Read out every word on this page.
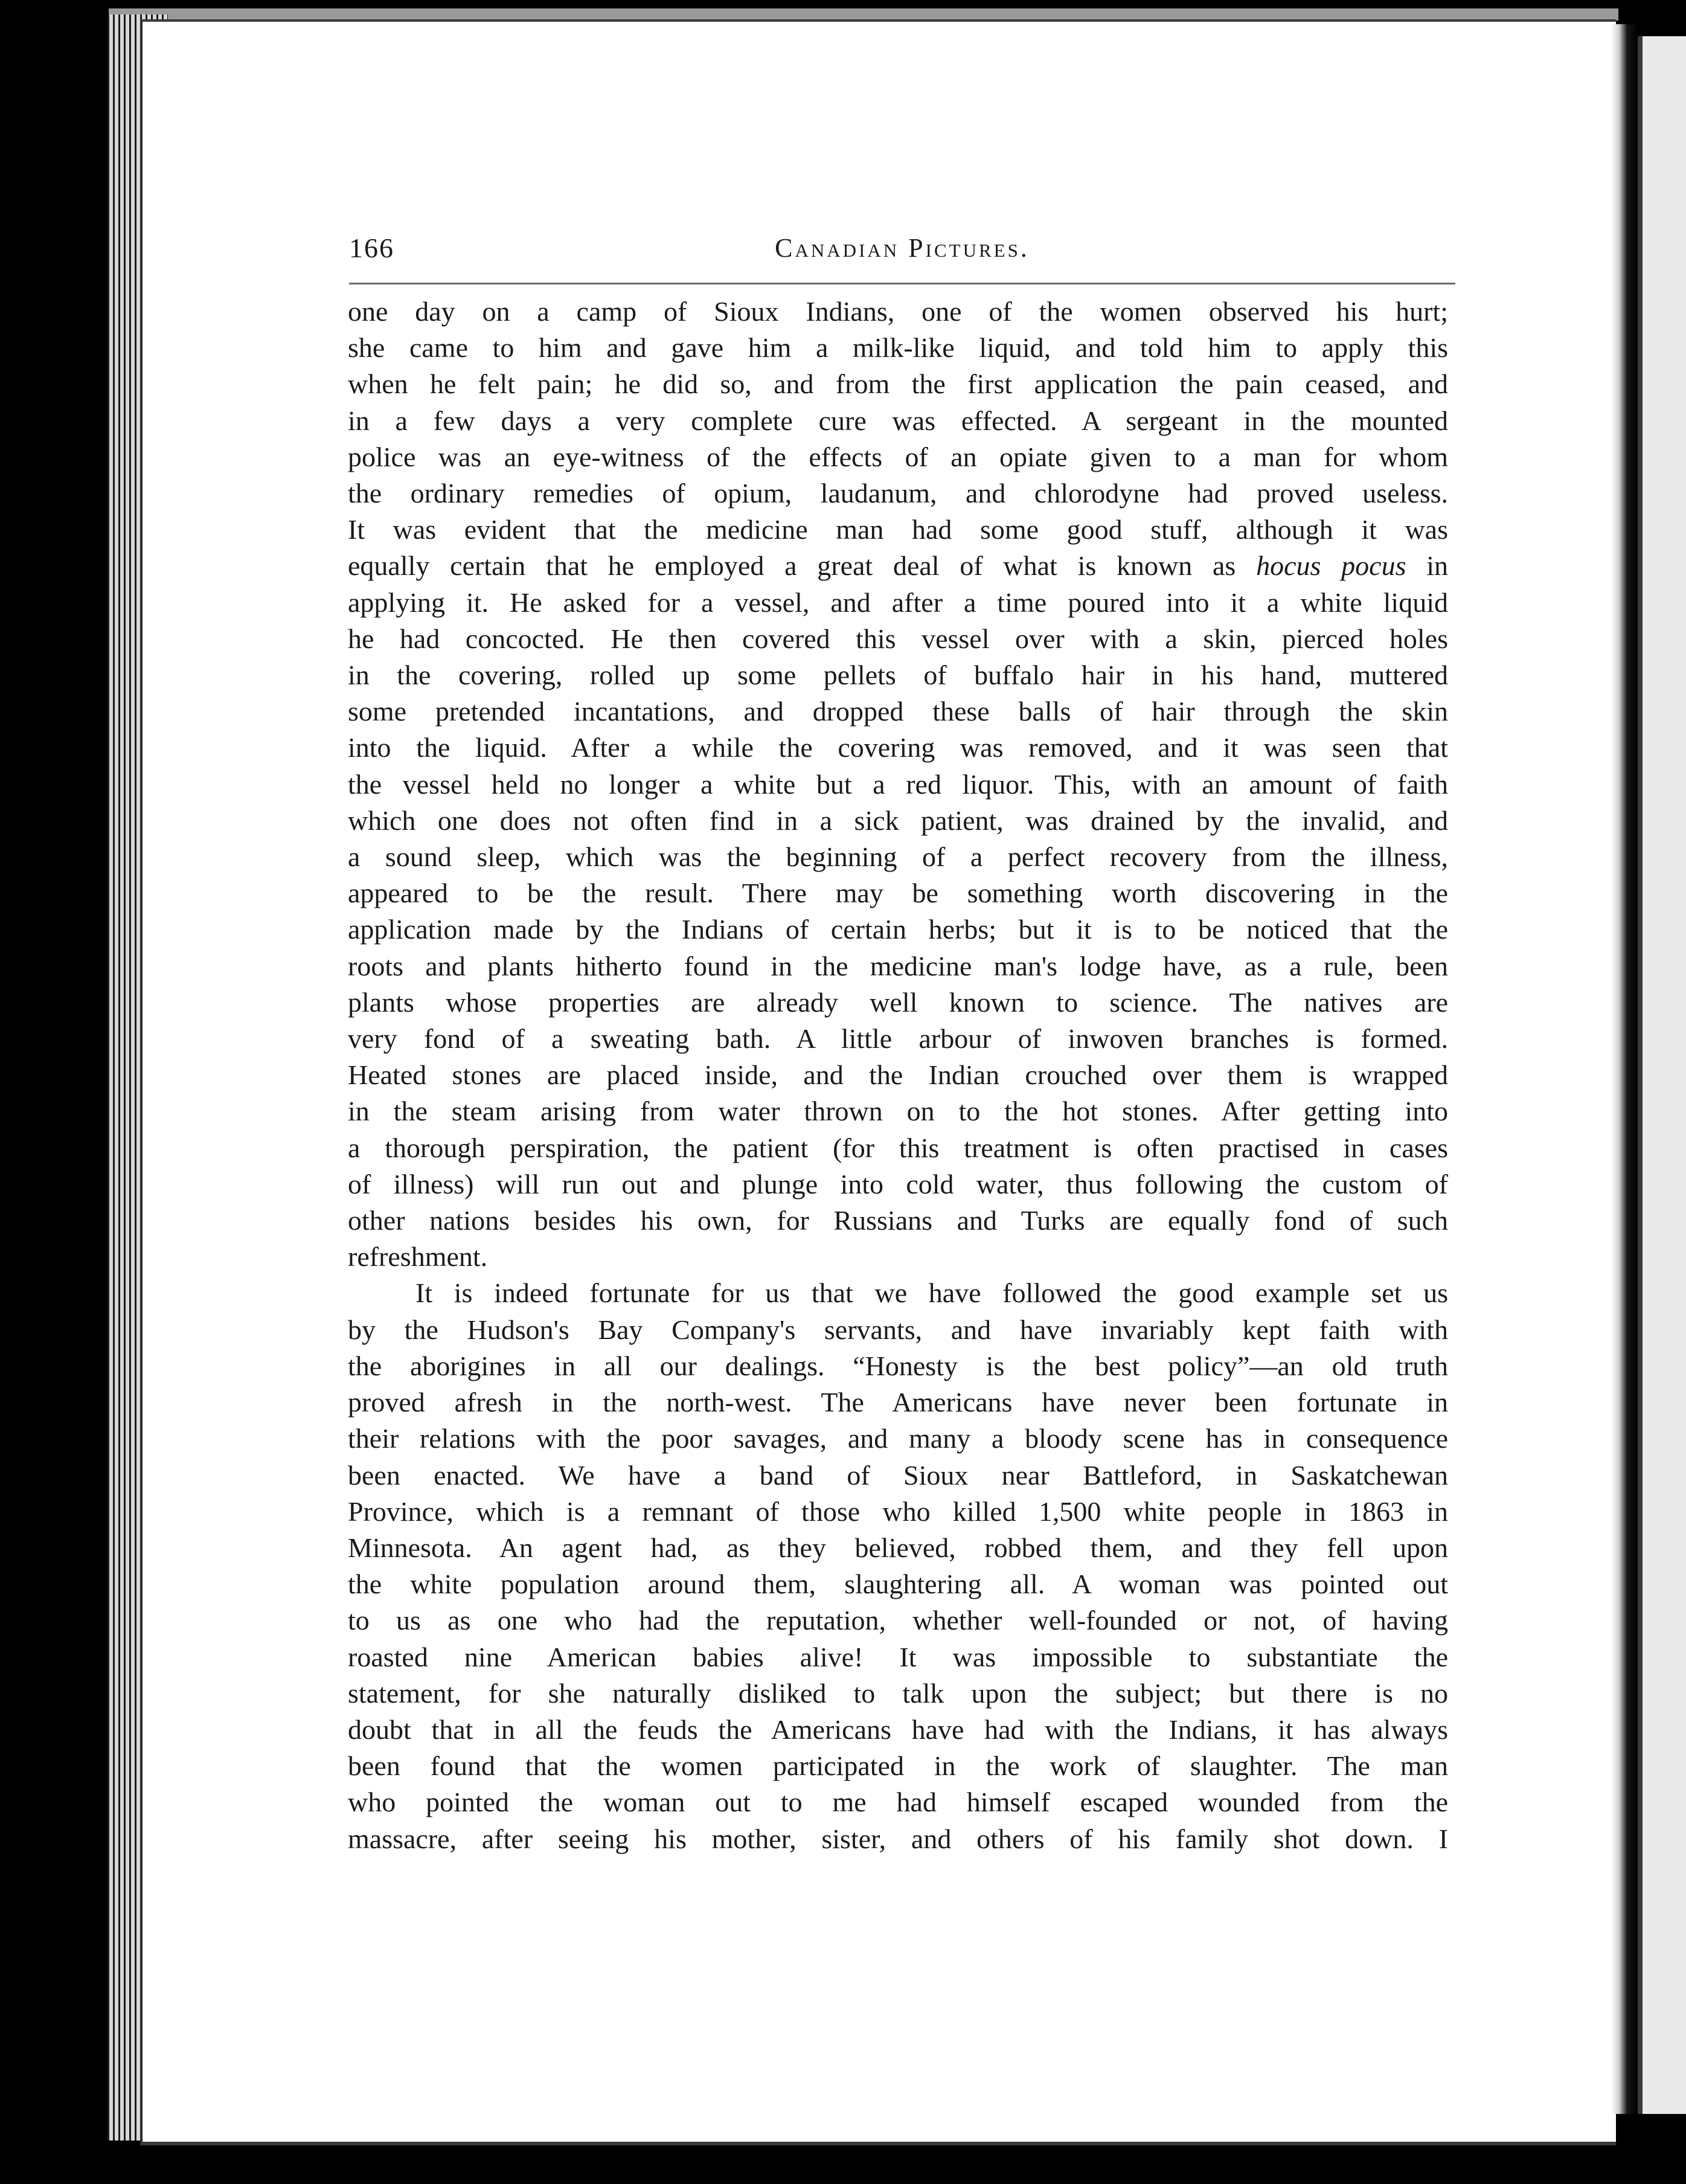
166	Canadian Pictures.

one day on a camp of Sioux Indians, one of the women observed his hurt;
she came to him and gave him a milk-like liquid, and told him to apply this
when he felt pain; he did so, and from the first application the pain ceased, and
in a few days a very complete cure was effected. A sergeant in the mounted
police was an eye-witness of the effects of an opiate given to a man for whom
the ordinary remedies of opium, laudanum, and chlorodyne had proved useless.
It was evident that the medicine man had some good stuff, although it was
equally certain that he employed a great deal of what is known as hocus pocus in
applying it. He asked for a vessel, and after a time poured into it a white liquid
he had concocted. He then covered this vessel over with a skin, pierced holes
in the covering, rolled up some pellets of buffalo hair in his hand, muttered
some pretended incantations, and dropped these balls of hair through the skin
into the liquid. After a while the covering was removed, and it was seen that
the vessel held no longer a white but a red liquor. This, with an amount of faith
which one does not often find in a sick patient, was drained by the invalid, and
a sound sleep, which was the beginning of a perfect recovery from the illness,
appeared to be the result. There may be something worth discovering in the
application made by the Indians of certain herbs; but it is to be noticed that the
roots and plants hitherto found in the medicine man's lodge have, as a rule, been
plants whose properties are already well known to science. The natives are
very fond of a sweating bath. A little arbour of inwoven branches is formed.
Heated stones are placed inside, and the Indian crouched over them is wrapped
in the steam arising from water thrown on to the hot stones. After getting into
a thorough perspiration, the patient (for this treatment is often practised in cases
of illness) will run out and plunge into cold water, thus following the custom of
other nations besides his own, for Russians and Turks are equally fond of such
refreshment.

It is indeed fortunate for us that we have followed the good example set us
by the Hudson's Bay Company's servants, and have invariably kept faith with
the aborigines in all our dealings. “Honesty is the best policy”—an old truth
proved afresh in the north-west. The Americans have never been fortunate in
their relations with the poor savages, and many a bloody scene has in consequence
been enacted. We have a band of Sioux near Battleford, in Saskatchewan
Province, which is a remnant of those who killed 1,500 white people in 1863 in
Minnesota. An agent had, as they believed, robbed them, and they fell upon
the white population around them, slaughtering all. A woman was pointed out
to us as one who had the reputation, whether well-founded or not, of having
roasted nine American babies alive! It was impossible to substantiate the
statement, for she naturally disliked to talk upon the subject; but there is no
doubt that in all the feuds the Americans have had with the Indians, it has always
been found that the women participated in the work of slaughter. The man
who pointed the woman out to me had himself escaped wounded from the
massacre, after seeing his mother, sister, and others of his family shot down. I
